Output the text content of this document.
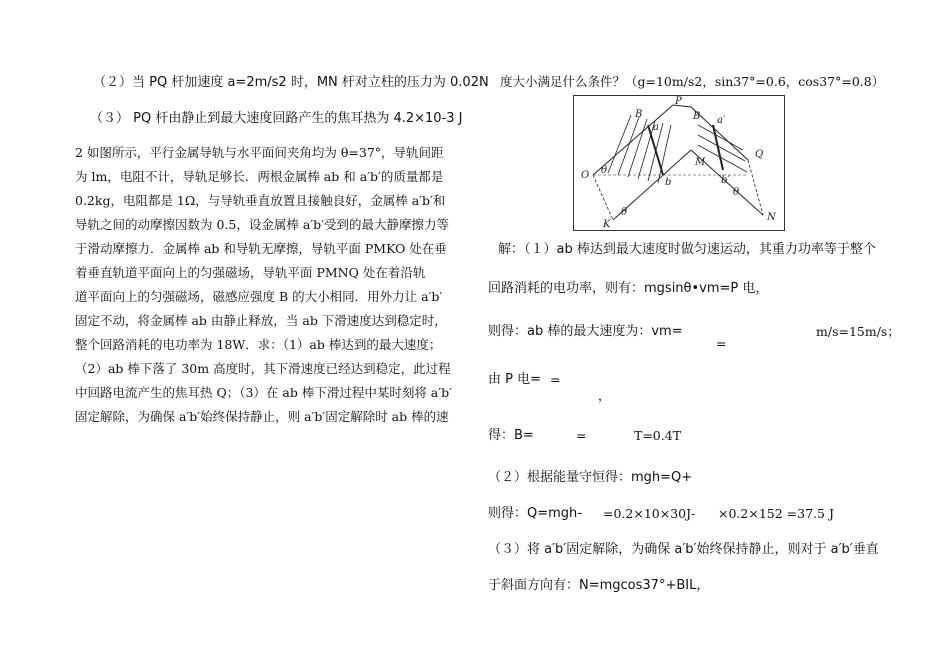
（２）当 PQ 杆加速度 a=2m/s2 时，MN 杆对立柱的压力为 0.02N
（３） PQ 杆由静止到最大速度回路产生的焦耳热为 4.2×10-3 J
2 如图所示，平行金属导轨与水平面间夹角均为 θ=37°，导轨间距
为 lm，电阻不计，导轨足够长．两根金属棒 ab 和 a′b′的质量都是
0.2kg，电阻都是 1Ω，与导轨垂直放置且接触良好，金属棒 a′b′和
导轨之间的动摩擦因数为 0.5，设金属棒 a′b′受到的最大静摩擦力等
于滑动摩擦力．金属棒 ab 和导轨无摩擦，导轨平面 PMKO 处在垂
着垂直轨道平面向上的匀强磁场，导轨平面 PMNQ 处在着沿轨
道平面向上的匀强磁场，磁感应强度 B 的大小相同．用外力让 a′b′
固定不动，将金属棒 ab 由静止释放，当 ab 下滑速度达到稳定时，
整个回路消耗的电功率为 18W．求：（1）ab 棒达到的最大速度；
（2）ab 棒下落了 30m 高度时，其下滑速度已经达到稳定，此过程
中回路电流产生的焦耳热 Q；（3）在 ab 棒下滑过程中某时刻将 a′b′
固定解除，为确保 a′b′始终保持静止，则 a′b′固定解除时 ab 棒的速
度大小满足什么条件？（g=10m/s2，sin37°=0.6，cos37°=0.8）
B
P
a
B a′
Q
O θ
b
M
b′
θ
N
K
θ
解：（１）ab 棒达到最大速度时做匀速运动，其重力功率等于整个
回路消耗的电功率，则有：mgsinθ•vm=P 电，
则得：ab 棒的最大速度为：vm=	m/s=15m/s；
=
由 P 电= =
，
得：B=	=	T=0.4T
（２）根据能量守恒得：mgh=Q+
则得：Q=mgh- =0.2×10×30J- ×0.2×152 =37.5 J
（３）将 a′b′固定解除，为确保 a′b′始终保持静止，则对于 a′b′垂直
于斜面方向有：N=mgcos37°+BIL，
